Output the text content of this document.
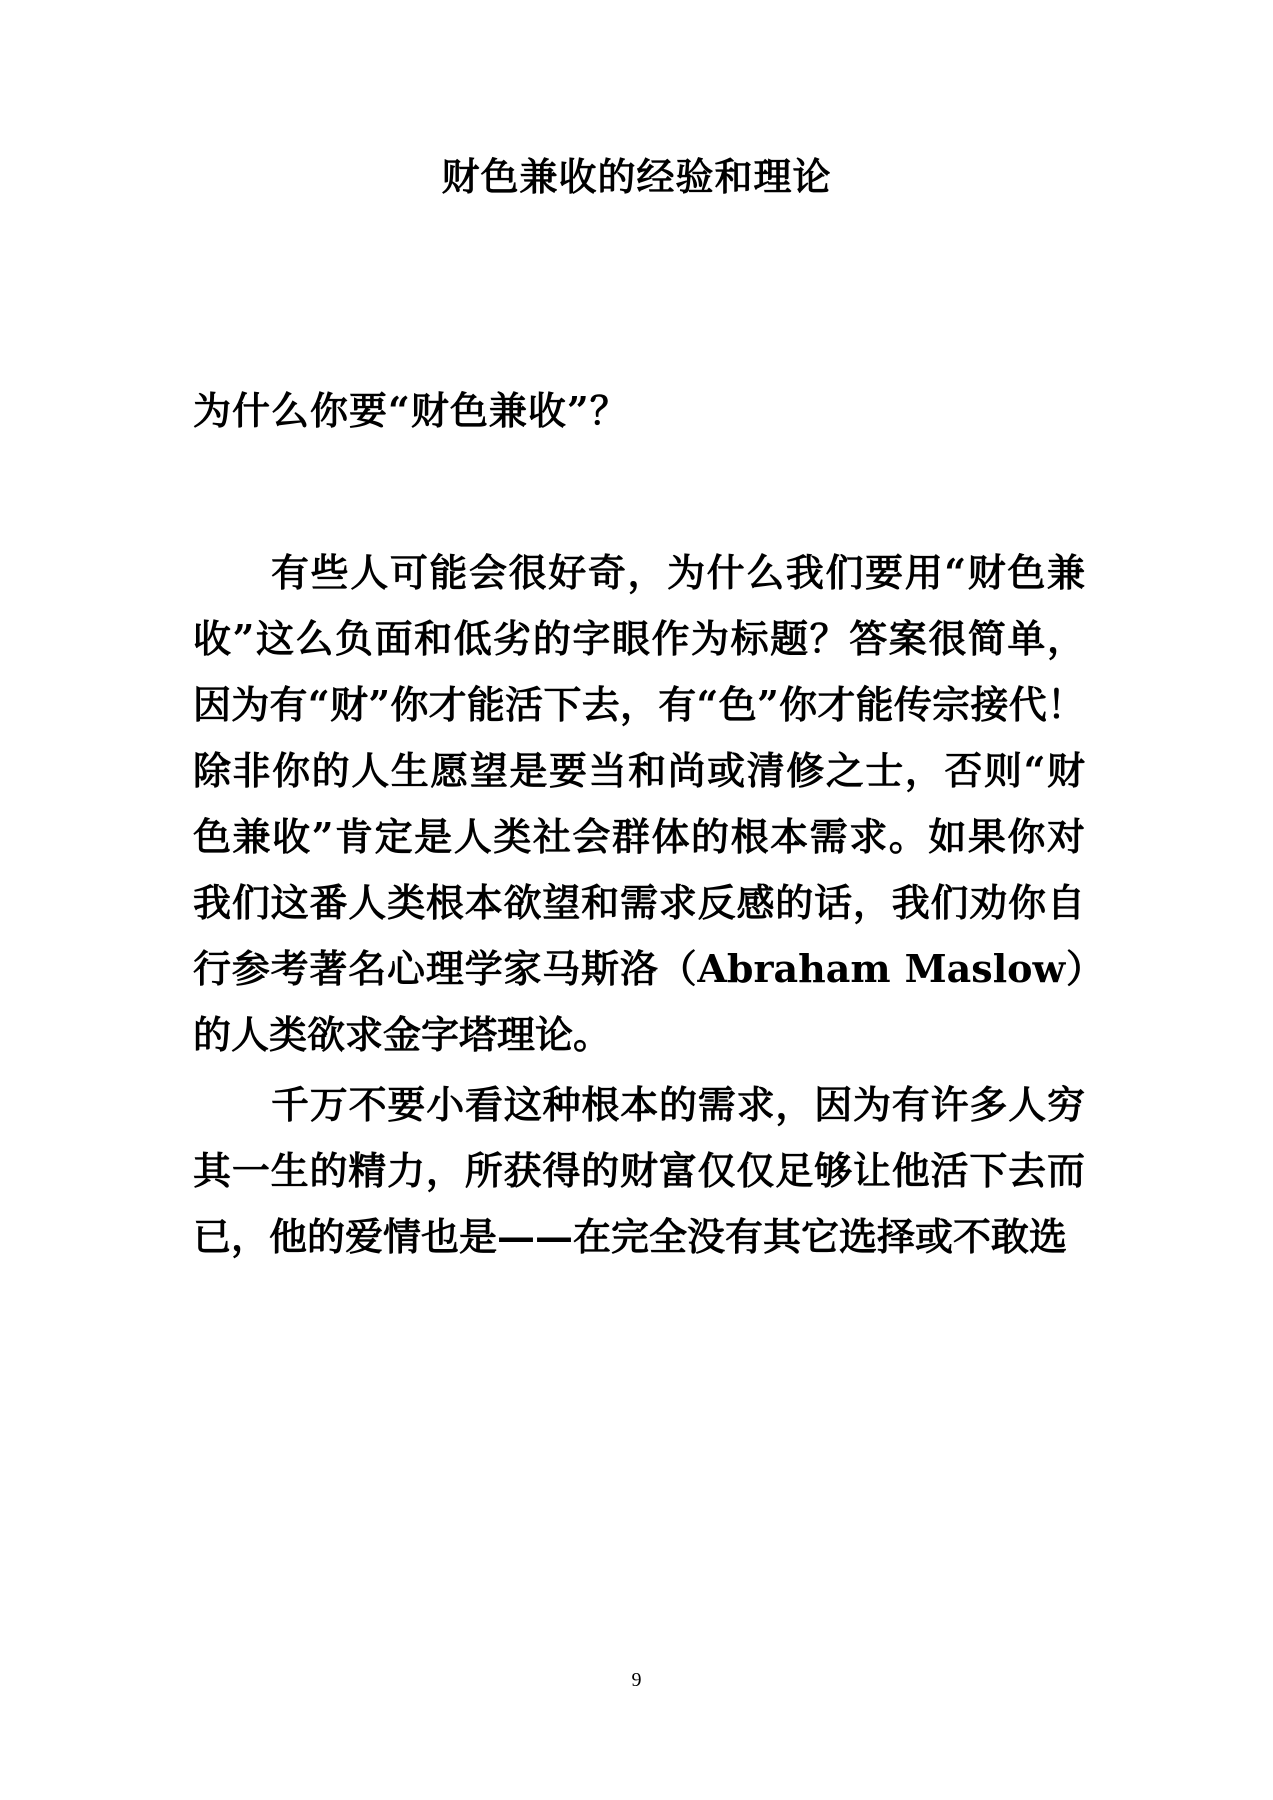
财色兼收的经验和理论
为什么你要“财色兼收”？

有些人可能会很好奇，为什么我们要用“财色兼收”这么负面和低劣的字眼作为标题？答案很简单，因为有“财”你才能活下去，有“色”你才能传宗接代！除非你的人生愿望是要当和尚或清修之士，否则“财色兼收”肯定是人类社会群体的根本需求。如果你对我们这番人类根本欲望和需求反感的话，我们劝你自行参考著名心理学家马斯洛（Abraham Maslow）的人类欲求金字塔理论。

千万不要小看这种根本的需求，因为有许多人穷其一生的精力，所获得的财富仅仅足够让他活下去而已，他的爱情也是——在完全没有其它选择或不敢选

9
